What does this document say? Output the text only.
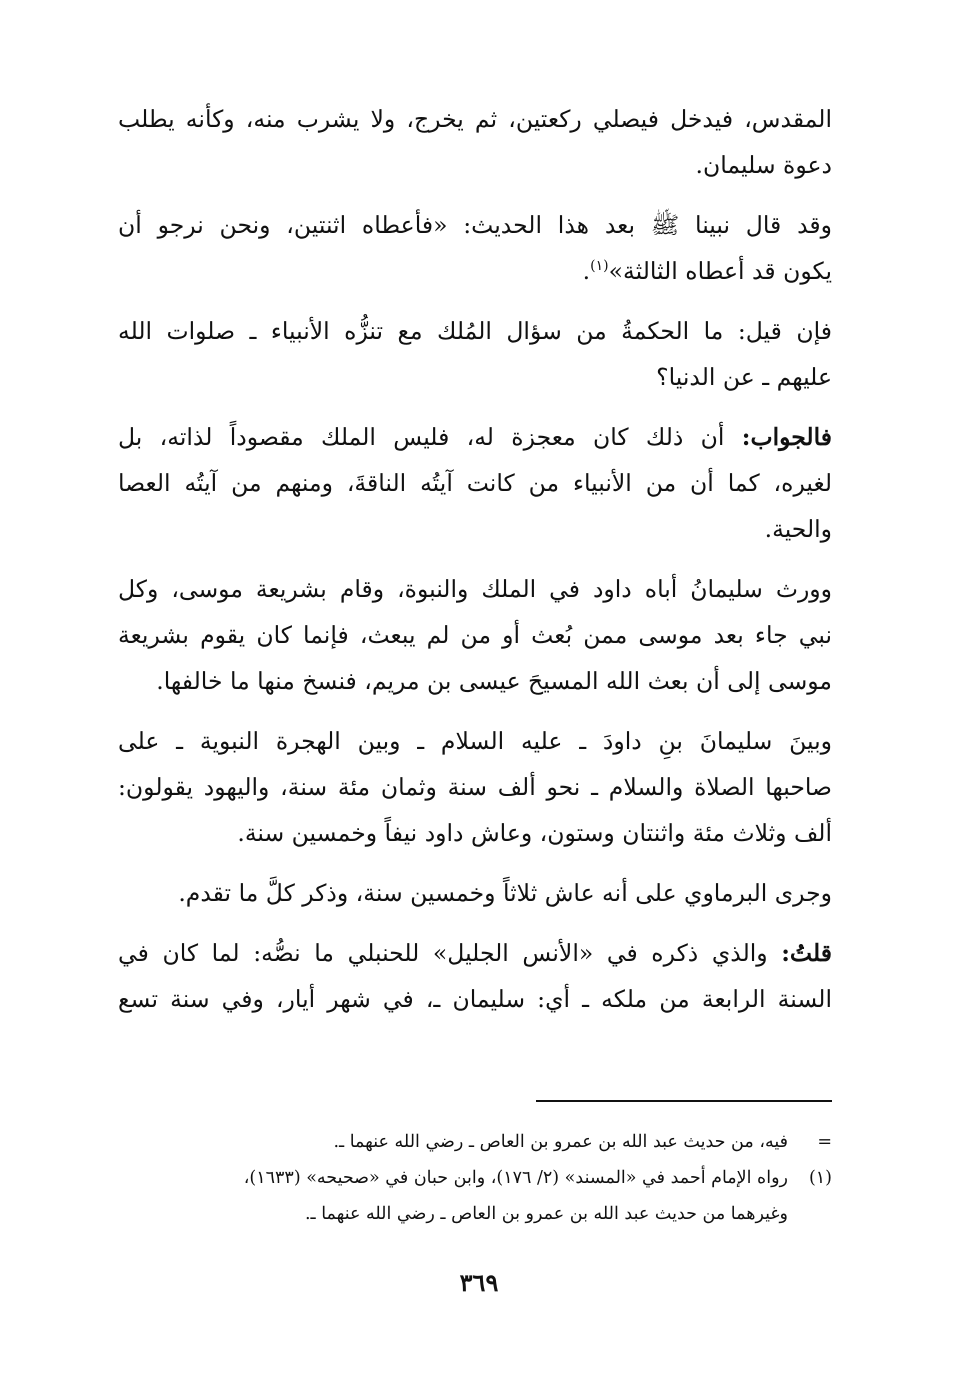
المقدس، فيدخل فيصلي ركعتين، ثم يخرج، ولا يشرب منه، وكأنه يطلب
دعوة سليمان.

وقد قال نبينا ﷺ بعد هذا الحديث: «فأعطاه اثنتين، ونحن نرجو أن
يكون قد أعطاه الثالثة»$^{(١)}$.

فإن قيل: ما الحكمةُ من سؤال المُلك مع تنزُّه الأنبياء ـ صلوات الله
عليهم ـ عن الدنيا؟

فالجواب: أن ذلك كان معجزة له، فليس الملك مقصوداً لذاته، بل
لغيره، كما أن من الأنبياء من كانت آيتُه الناقةَ، ومنهم من آيتُه العصا
والحية.

وورث سليمانُ أباه داود في الملك والنبوة، وقام بشريعة موسى، وكل
نبي جاء بعد موسى ممن بُعث أو من لم يبعث، فإنما كان يقوم بشريعة
موسى إلى أن بعث الله المسيحَ عيسى بن مريم، فنسخ منها ما خالفها.

وبينَ سليمانَ بنِ داودَ ـ عليه السلام ـ وبين الهجرة النبوية ـ على
صاحبها الصلاة والسلام ـ نحو ألف سنة وثمان مئة سنة، واليهود يقولون:
ألف وثلاث مئة واثنتان وستون، وعاش داود نيفاً وخمسين سنة.

وجرى البرماوي على أنه عاش ثلاثاً وخمسين سنة، وذكر كلَّ ما تقدم.

قلتُ: والذي ذكره في «الأنس الجليل» للحنبلي ما نصُّه: لما كان في
السنة الرابعة من ملكه ـ أي: سليمان ـ، في شهر أيار، وفي سنة تسع

=
فيه، من حديث عبد الله بن عمرو بن العاص ـ رضي الله عنهما ـ.
(١)
رواه الإمام أحمد في «المسند» (٢/ ١٧٦)، وابن حبان في «صحيحه» (١٦٣٣)،
وغيرهما من حديث عبد الله بن عمرو بن العاص ـ رضي الله عنهما ـ.
٣٦٩
